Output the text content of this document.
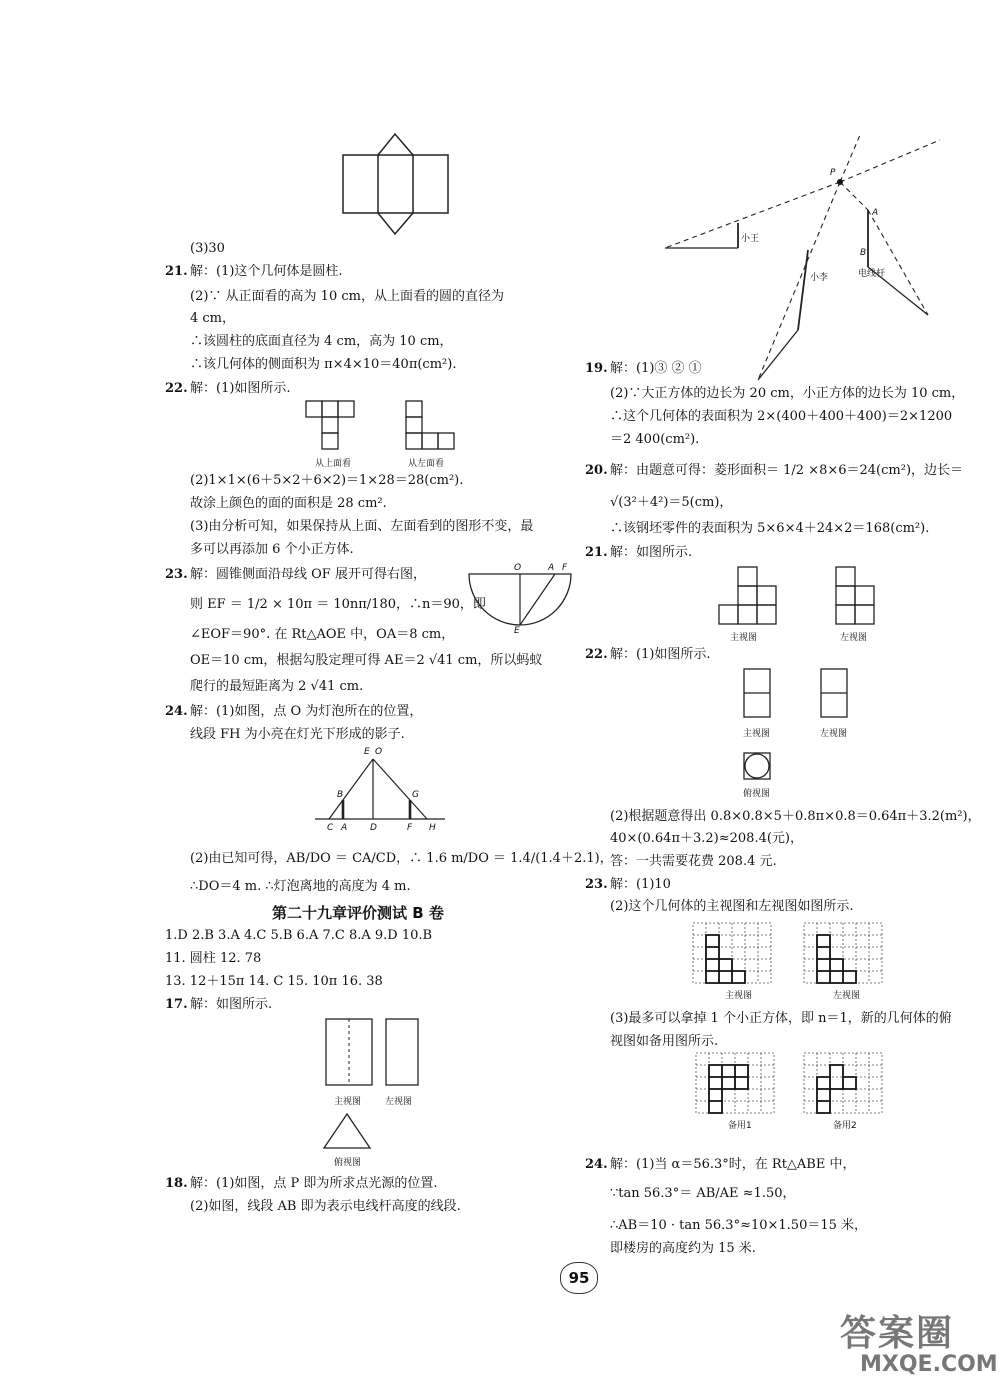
(3)30
21. 解：(1)这个几何体是圆柱.
(2)∵ 从正面看的高为 10 cm，从上面看的圆的直径为
4 cm，
∴该圆柱的底面直径为 4 cm，高为 10 cm，
∴该几何体的侧面积为 π×4×10＝40π(cm²).
22. 解：(1)如图所示.
从上面看	从左面看
(2)1×1×(6＋5×2＋6×2)＝1×28＝28(cm²).
故涂上颜色的面的面积是 28 cm².
(3)由分析可知，如果保持从上面、左面看到的图形不变，最
多可以再添加 6 个小正方体.
23. 解：圆锥侧面沿母线 OF 展开可得右图，
则 EF ＝ 1/2 × 10π ＝ 10nπ/180，∴n＝90，即
∠EOF＝90°. 在 Rt△AOE 中，OA＝8 cm，
OE＝10 cm，根据勾股定理可得 AE＝2 √41 cm，所以蚂蚁
爬行的最短距离为 2 √41 cm.
O	A F
E
24. 解：(1)如图，点 O 为灯泡所在的位置，
线段 FH 为小亮在灯光下形成的影子.
E O
B	G
C A	D	F H
(2)由已知可得，AB/DO ＝ CA/CD，∴ 1.6 m/DO ＝ 1.4/(1.4＋2.1)，
∴DO＝4 m. ∴灯泡离地的高度为 4 m.
第二十九章评价测试 B 卷
1.D 2.B 3.A 4.C 5.B 6.A 7.C 8.A 9.D 10.B
11. 圆柱 12. 78
13. 12＋15π 14. C 15. 10π 16. 38
17. 解：如图所示.
主视图	左视图
俯视图
18. 解：(1)如图，点 P 即为所求点光源的位置.
(2)如图，线段 AB 即为表示电线杆高度的线段.
P
A
B
小王
小李	电线杆
19. 解：(1)③ ② ①
(2)∵大正方体的边长为 20 cm，小正方体的边长为 10 cm，
∴这个几何体的表面积为 2×(400＋400＋400)＝2×1200
＝2 400(cm²).
20. 解：由题意可得：菱形面积＝ 1/2 ×8×6＝24(cm²)，边长＝
√(3²＋4²)＝5(cm)，
∴该钢坯零件的表面积为 5×6×4＋24×2＝168(cm²).
21. 解：如图所示.
主视图	左视图
22. 解：(1)如图所示.
主视图	左视图
俯视图
(2)根据题意得出 0.8×0.8×5＋0.8π×0.8＝0.64π＋3.2(m²)，
40×(0.64π＋3.2)≈208.4(元)，
答：一共需要花费 208.4 元.
23. 解：(1)10
(2)这个几何体的主视图和左视图如图所示.
主视图	左视图
(3)最多可以拿掉 1 个小正方体，即 n＝1，新的几何体的俯
视图如备用图所示.
备用1	备用2
24. 解：(1)当 α＝56.3°时，在 Rt△ABE 中，
∵tan 56.3°＝ AB/AE ≈1.50，
∴AB＝10 · tan 56.3°≈10×1.50＝15 米，
即楼房的高度约为 15 米.
95
答案圈
MXQE.COM
